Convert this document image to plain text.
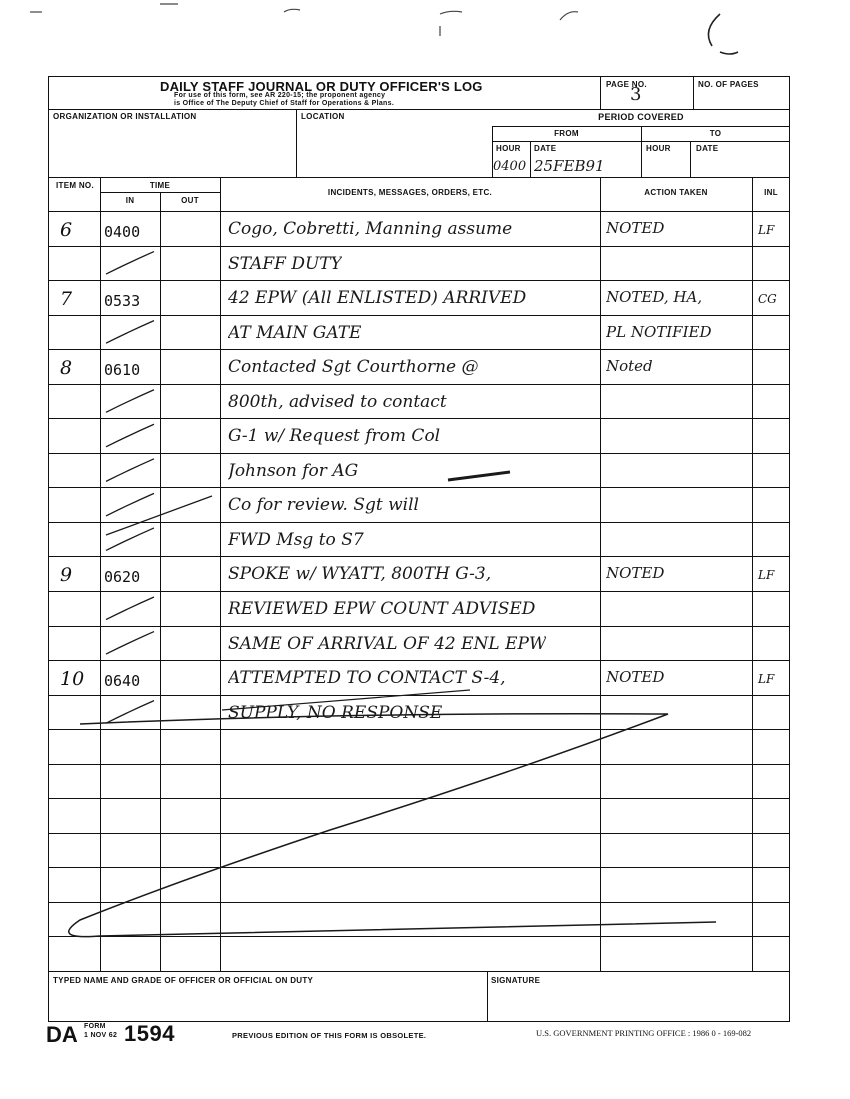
DAILY STAFF JOURNAL OR DUTY OFFICER'S LOG
For use of this form, see AR 220-15; the proponent agency
is Office of The Deputy Chief of Staff for Operations & Plans.
PAGE NO.
3	NO. OF PAGES
ORGANIZATION OR INSTALLATION	LOCATION	PERIOD COVERED
FROM	TO
HOUR DATE	HOUR	DATE
0400 25FEB91
ITEM NO.	TIME
IN	OUT
INCIDENTS, MESSAGES, ORDERS, ETC.	ACTION TAKEN	INL
6 0400	Cogo, Cobretti, Manning assume	NOTED	LF
STAFF DUTY
7 0533	42 EPW (All ENLISTED) ARRIVED	NOTED, HA,	CG
AT MAIN GATE	PL NOTIFIED
8 0610	Contacted Sgt Courthorne @	Noted
800th, advised to contact
G-1 w/ Request from Col
Johnson for AG
Co for review. Sgt will
FWD Msg to S7
9 0620	SPOKE w/ WYATT, 800TH G-3,	NOTED	LF
REVIEWED EPW COUNT ADVISED
SAME OF ARRIVAL OF 42 ENL EPW
10 0640	ATTEMPTED TO CONTACT S-4,	NOTED	LF
SUPPLY, NO RESPONSE
TYPED NAME AND GRADE OF OFFICER OR OFFICIAL ON DUTY	SIGNATURE
DA FORM
1 NOV 62 1594	PREVIOUS EDITION OF THIS FORM IS OBSOLETE.	U.S. GOVERNMENT PRINTING OFFICE : 1986 0 - 169-082
